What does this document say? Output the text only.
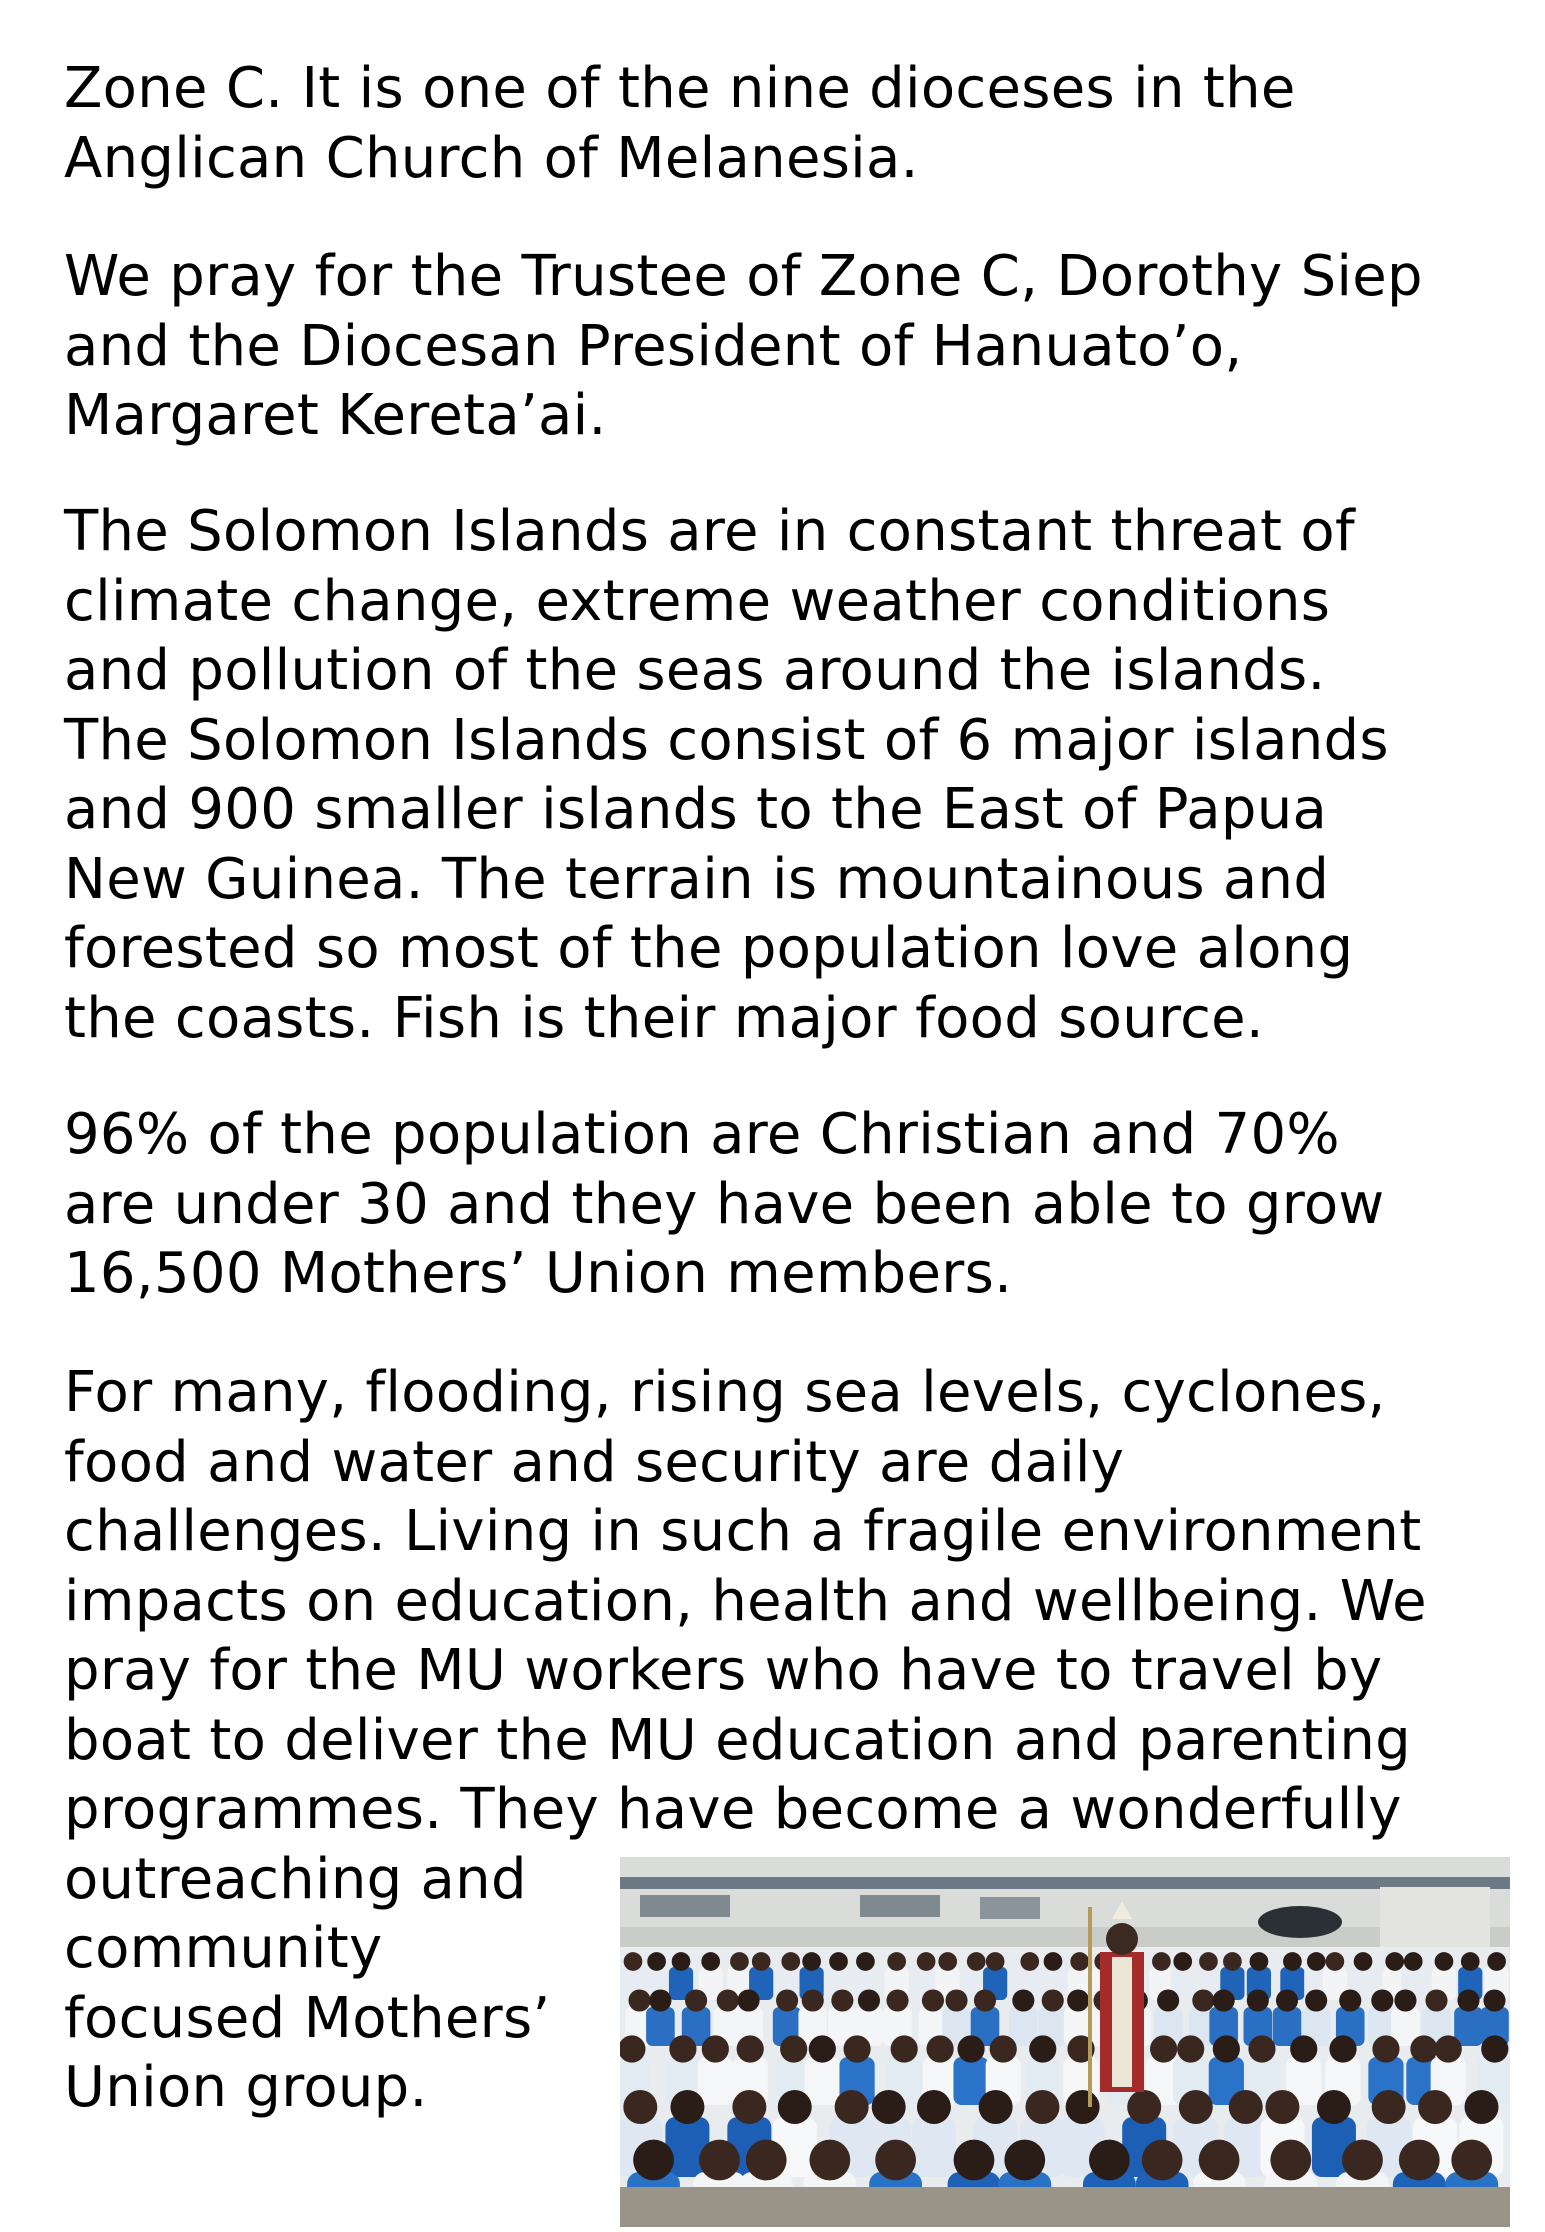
Zone C. It is one of the nine dioceses in the
Anglican Church of Melanesia.

We pray for the Trustee of Zone C, Dorothy Siep
and the Diocesan President of Hanuato’o,
Margaret Kereta’ai.

The Solomon Islands are in constant threat of
climate change, extreme weather conditions
and pollution of the seas around the islands.
The Solomon Islands consist of 6 major islands
and 900 smaller islands to the East of Papua
New Guinea. The terrain is mountainous and
forested so most of the population love along
the coasts. Fish is their major food source.

96% of the population are Christian and 70%
are under 30 and they have been able to grow
16,500 Mothers’ Union members.

For many, flooding, rising sea levels, cyclones,
food and water and security are daily
challenges. Living in such a fragile environment
impacts on education, health and wellbeing. We
pray for the MU workers who have to travel by
boat to deliver the MU education and parenting
programmes. They have become a wonderfully
outreaching and
community
focused Mothers’
Union group.
